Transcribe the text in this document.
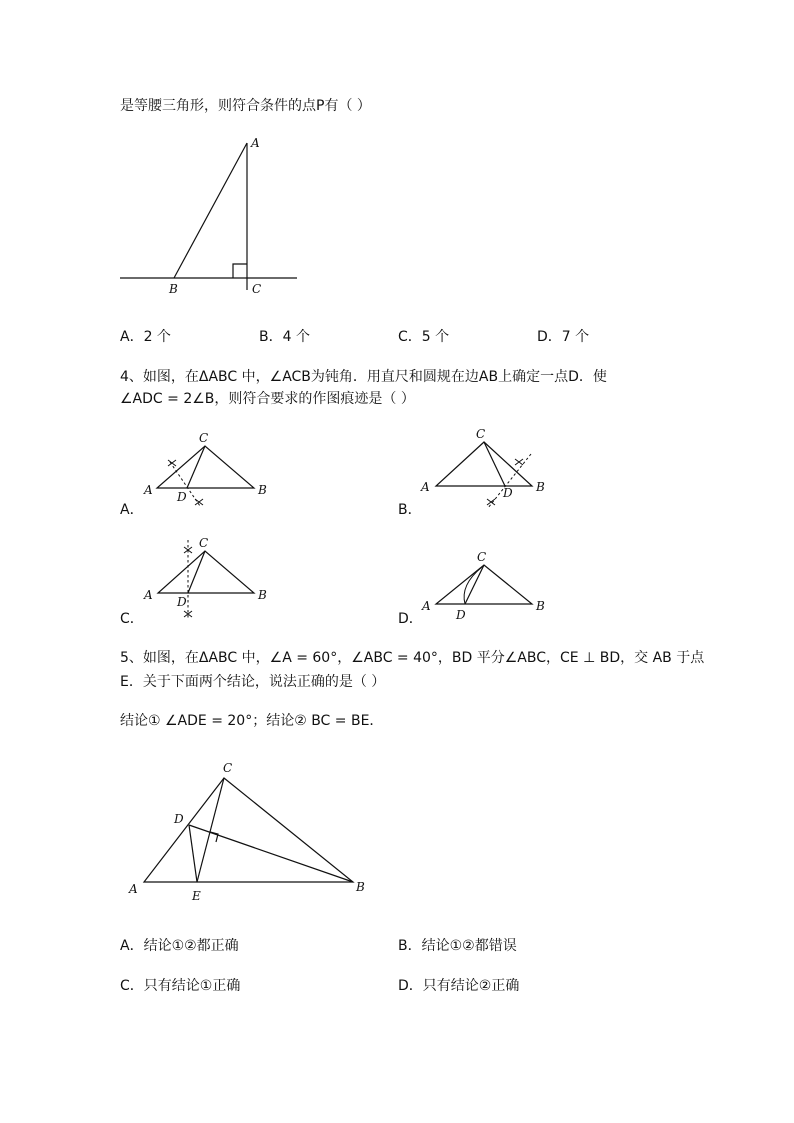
是等腰三角形，则符合条件的点P有（ ）
A
B	C
A．2 个	B．4 个	C．5 个	D．7 个
4、如图，在ΔABC 中，∠ACB为钝角．用直尺和圆规在边AB上确定一点D．使
∠ADC = 2∠B，则符合要求的作图痕迹是（ ）
A．	B．
C．	D．
C
A	B
D
C
A	B
D
C
A	B
D
C
A	B
D
5、如图，在ΔABC 中，∠A = 60°，∠ABC = 40°，BD 平分∠ABC，CE ⊥ BD，交 AB 于点
E．关于下面两个结论，说法正确的是（ ）
结论① ∠ADE = 20°；结论② BC = BE．
C
D
A	E
B
A．结论①②都正确	B．结论①②都错误
C．只有结论①正确	D．只有结论②正确
